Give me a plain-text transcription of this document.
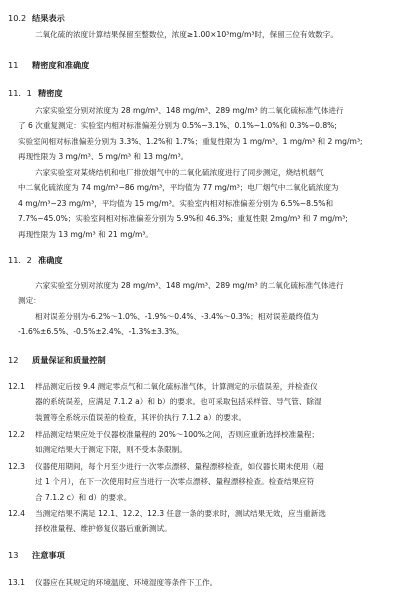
10.2 结果表示
二氧化硫的浓度计算结果保留至整数位，浓度≥1.00×10³mg/m³时，保留三位有效数字。
11 精密度和准确度
11．1 精密度
六家实验室分别对浓度为 28 mg/m³、148 mg/m³、289 mg/m³ 的二氧化硫标准气体进行
了 6 次重复测定：实验室内相对标准偏差分别为 0.5%~3.1%、0.1%~1.0%和 0.3%~0.8%;
实验室间相对标准偏差分别为 3.3%、1.2%和 1.7%；重复性限为 1 mg/m³、1 mg/m³ 和 2 mg/m³;
再现性限为 3 mg/m³、5 mg/m³ 和 13 mg/m³。
六家实验室对某烧结机和电厂排放烟气中的二氧化硫浓度进行了同步测定，烧结机烟气
中二氧化硫浓度为 74 mg/m³~86 mg/m³，平均值为 77 mg/m³；电厂烟气中二氧化硫浓度为
4 mg/m³~23 mg/m³，平均值为 15 mg/m³。实验室内相对标准偏差分别为 6.5%~8.5%和
7.7%~45.0%；实验室间相对标准偏差分别为 5.9%和 46.3%；重复性限 2mg/m³ 和 7 mg/m³;
再现性限为 13 mg/m³ 和 21 mg/m³。
11．2 准确度
六家实验室分别对浓度为 28 mg/m³、148 mg/m³、289 mg/m³ 的二氧化硫标准气体进行
测定：
相对误差分别为-6.2%～1.0%、-1.9%～0.4%、-3.4%～0.3%；相对误差最终值为
-1.6%±6.5%、-0.5%±2.4%、-1.3%±3.3%。
12 质量保证和质量控制
12.1 样品测定后按 9.4 测定零点气和二氧化硫标准气体，计算测定的示值误差，并检查仪
器的系统误差，应满足 7.1.2 a）和 b）的要求。也可采取包括采样管、导气管、除湿
装置等全系统示值误差的检查，其评价执行 7.1.2 a）的要求。
12.2 样品测定结果应处于仪器校准量程的 20%～100%之间，否则应重新选择校准量程；
如测定结果大于测定下限，则不受本条限制。
12.3 仪器使用期间，每个月至少进行一次零点漂移、量程漂移检查，如仪器长期未使用（超
过 1 个月），在下一次使用时应当进行一次零点漂移、量程漂移检查。检查结果应符
合 7.1.2 c）和 d）的要求。
12.4 当测定结果不满足 12.1、12.2、12.3 任意一条的要求时，测试结果无效，应当重新选
择校准量程、维护修复仪器后重新测试。
13 注意事项
13.1 仪器应在其规定的环境温度、环境湿度等条件下工作。
